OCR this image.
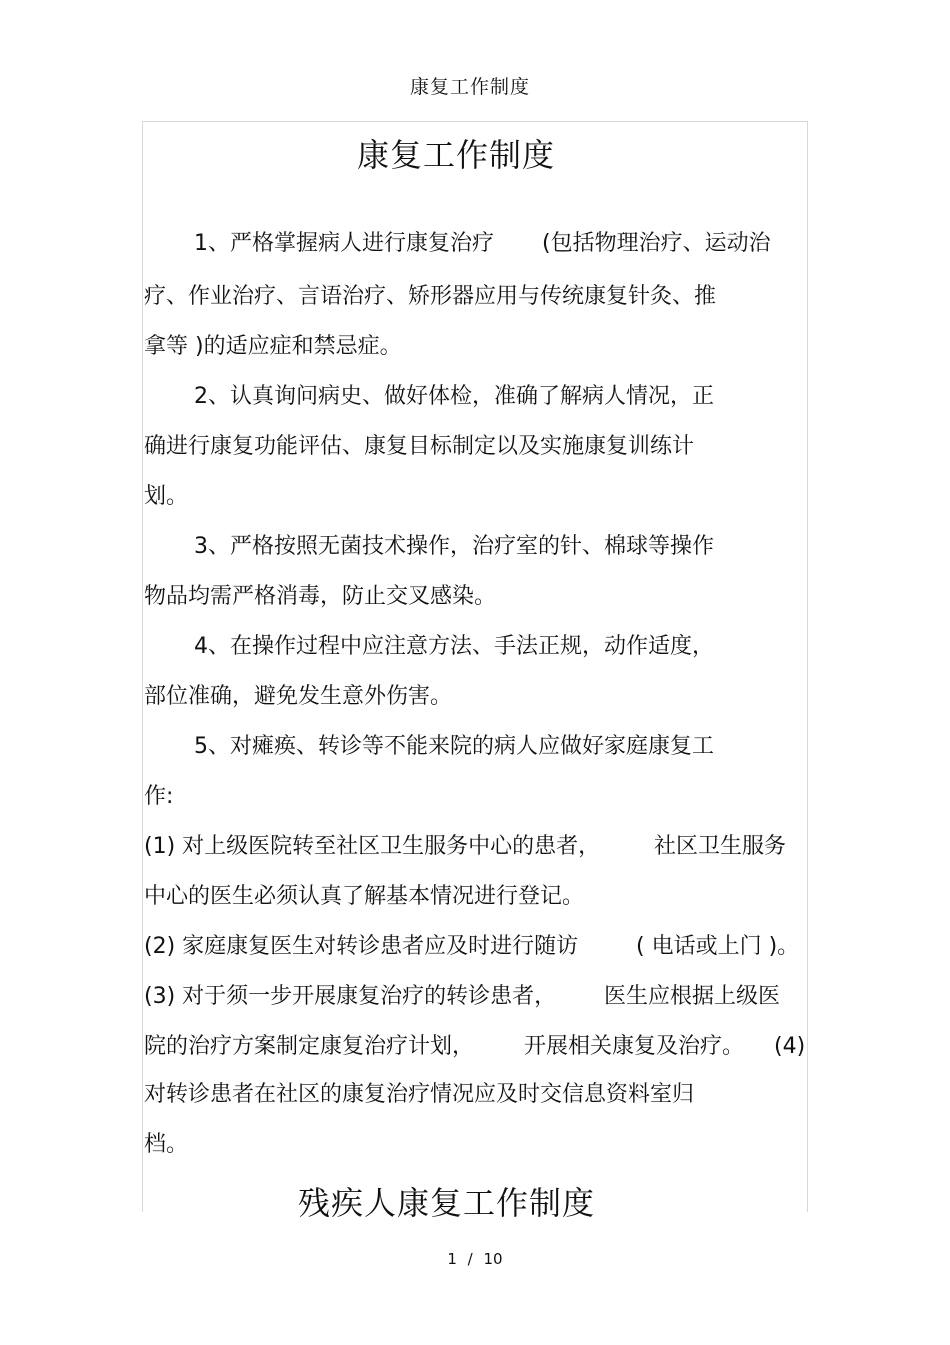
康复工作制度
康复工作制度
1、严格掌握病人进行康复治疗 (包括物理治疗、运动治
疗、作业治疗、言语治疗、矫形器应用与传统康复针灸、推
拿等 )的适应症和禁忌症。
2、认真询问病史、做好体检，准确了解病人情况，正
确进行康复功能评估、康复目标制定以及实施康复训练计
划。
3、严格按照无菌技术操作，治疗室的针、棉球等操作
物品均需严格消毒，防止交叉感染。
4、在操作过程中应注意方法、手法正规，动作适度，
部位准确，避免发生意外伤害。
5、对瘫痪、转诊等不能来院的病人应做好家庭康复工
作:
(1) 对上级医院转至社区卫生服务中心的患者， 社区卫生服务
中心的医生必须认真了解基本情况进行登记。
(2) 家庭康复医生对转诊患者应及时进行随访	( 电话或上门 )。
(3) 对于须一步开展康复治疗的转诊患者， 医生应根据上级医
院的治疗方案制定康复治疗计划， 开展相关康复及治疗。 (4)
对转诊患者在社区的康复治疗情况应及时交信息资料室归
档。
残疾人康复工作制度
1 / 10
